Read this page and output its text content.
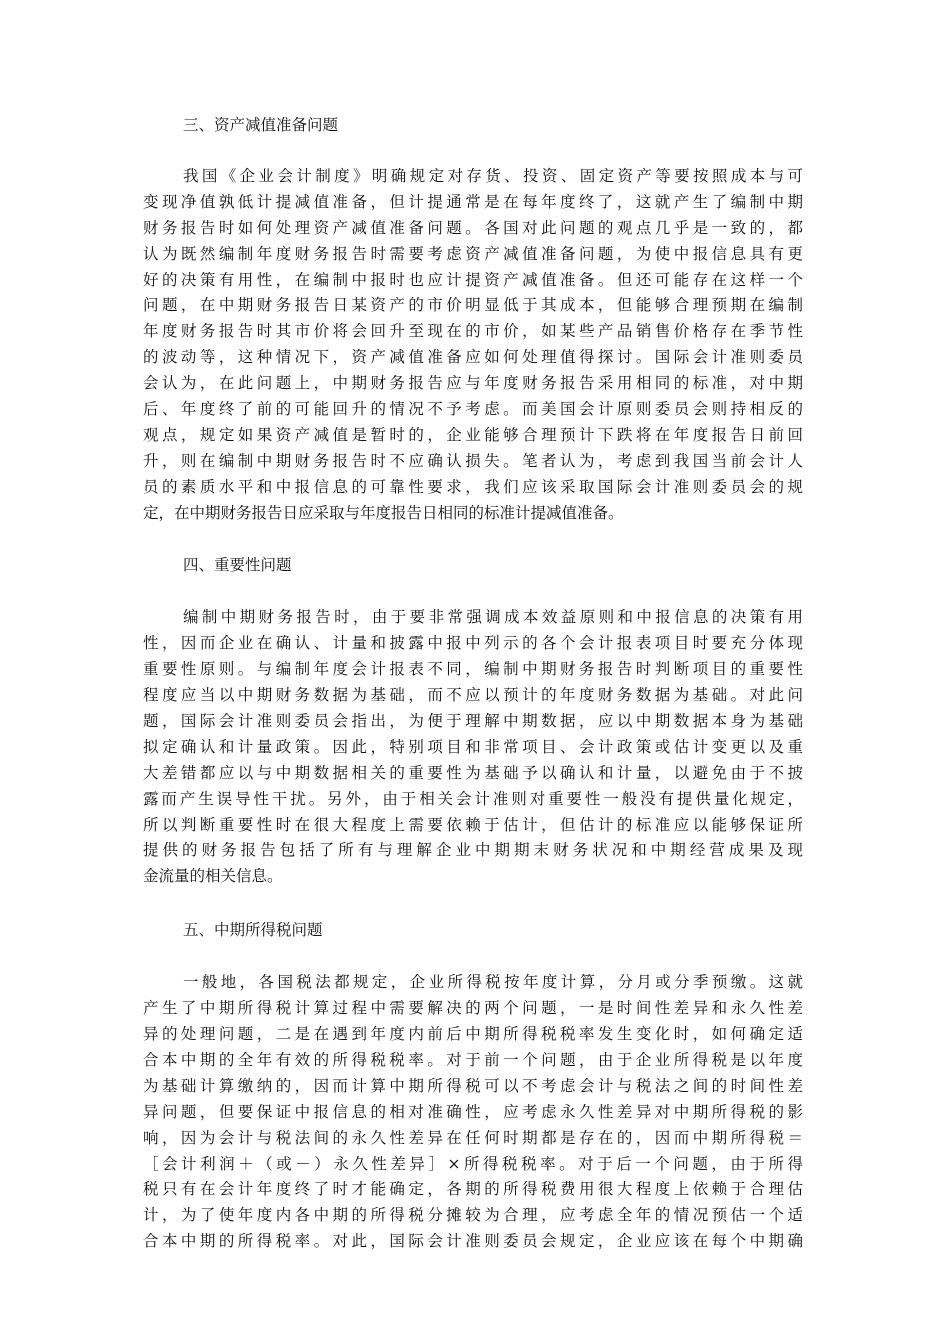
三、资产减值准备问题

我国《企业会计制度》明确规定对存货、投资、固定资产等要按照成本与可
变现净值孰低计提减值准备，但计提通常是在每年度终了，这就产生了编制中期
财务报告时如何处理资产减值准备问题。各国对此问题的观点几乎是一致的，都
认为既然编制年度财务报告时需要考虑资产减值准备问题，为使中报信息具有更
好的决策有用性，在编制中报时也应计提资产减值准备。但还可能存在这样一个
问题，在中期财务报告日某资产的市价明显低于其成本，但能够合理预期在编制
年度财务报告时其市价将会回升至现在的市价，如某些产品销售价格存在季节性
的波动等，这种情况下，资产减值准备应如何处理值得探讨。国际会计准则委员
会认为，在此问题上，中期财务报告应与年度财务报告采用相同的标准，对中期
后、年度终了前的可能回升的情况不予考虑。而美国会计原则委员会则持相反的
观点，规定如果资产减值是暂时的，企业能够合理预计下跌将在年度报告日前回
升，则在编制中期财务报告时不应确认损失。笔者认为，考虑到我国当前会计人
员的素质水平和中报信息的可靠性要求，我们应该采取国际会计准则委员会的规
定，在中期财务报告日应采取与年度报告日相同的标准计提减值准备。

四、重要性问题

编制中期财务报告时，由于要非常强调成本效益原则和中报信息的决策有用
性，因而企业在确认、计量和披露中报中列示的各个会计报表项目时要充分体现
重要性原则。与编制年度会计报表不同，编制中期财务报告时判断项目的重要性
程度应当以中期财务数据为基础，而不应以预计的年度财务数据为基础。对此问
题，国际会计准则委员会指出，为便于理解中期数据，应以中期数据本身为基础
拟定确认和计量政策。因此，特别项目和非常项目、会计政策或估计变更以及重
大差错都应以与中期数据相关的重要性为基础予以确认和计量，以避免由于不披
露而产生误导性干扰。另外，由于相关会计准则对重要性一般没有提供量化规定，
所以判断重要性时在很大程度上需要依赖于估计，但估计的标准应以能够保证所
提供的财务报告包括了所有与理解企业中期期末财务状况和中期经营成果及现
金流量的相关信息。

五、中期所得税问题

一般地，各国税法都规定，企业所得税按年度计算，分月或分季预缴。这就
产生了中期所得税计算过程中需要解决的两个问题，一是时间性差异和永久性差
异的处理问题，二是在遇到年度内前后中期所得税税率发生变化时，如何确定适
合本中期的全年有效的所得税税率。对于前一个问题，由于企业所得税是以年度
为基础计算缴纳的，因而计算中期所得税可以不考虑会计与税法之间的时间性差
异问题，但要保证中报信息的相对准确性，应考虑永久性差异对中期所得税的影
响，因为会计与税法间的永久性差异在任何时期都是存在的，因而中期所得税＝
［会计利润＋（或－）永久性差异］×所得税税率。对于后一个问题，由于所得
税只有在会计年度终了时才能确定，各期的所得税费用很大程度上依赖于合理估
计，为了使年度内各中期的所得税分摊较为合理，应考虑全年的情况预估一个适
合本中期的所得税率。对此，国际会计准则委员会规定，企业应该在每个中期确
